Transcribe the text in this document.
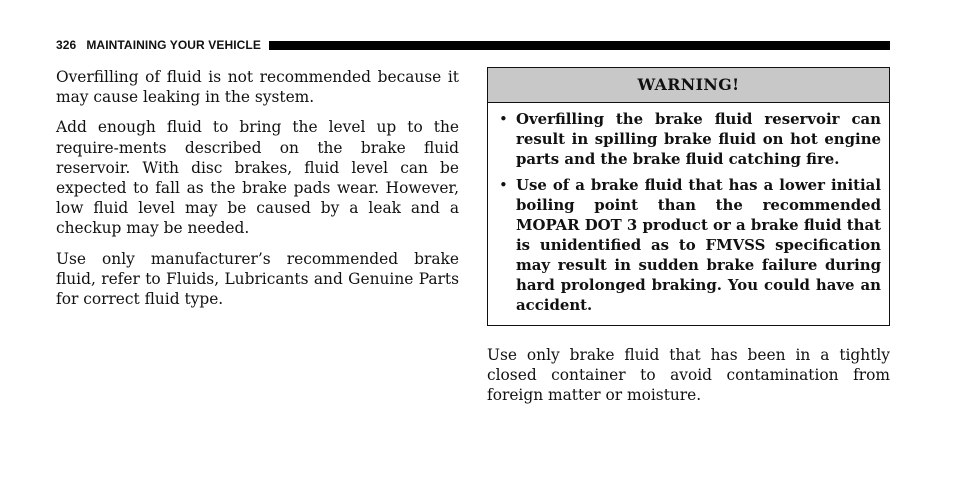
326 MAINTAINING YOUR VEHICLE

Overfilling of fluid is not recommended because it may cause leaking in the system.

Add enough fluid to bring the level up to the require-ments described on the brake fluid reservoir. With disc brakes, fluid level can be expected to fall as the brake pads wear. However, low fluid level may be caused by a leak and a checkup may be needed.

Use only manufacturer’s recommended brake fluid, refer to Fluids, Lubricants and Genuine Parts for correct fluid type.

WARNING!
• Overfilling the brake fluid reservoir can result in spilling brake fluid on hot engine parts and the brake fluid catching fire.
• Use of a brake fluid that has a lower initial boiling point than the recommended MOPAR DOT 3 product or a brake fluid that is unidentified as to FMVSS specification may result in sudden brake failure during hard prolonged braking. You could have an accident.

Use only brake fluid that has been in a tightly closed container to avoid contamination from foreign matter or moisture.
